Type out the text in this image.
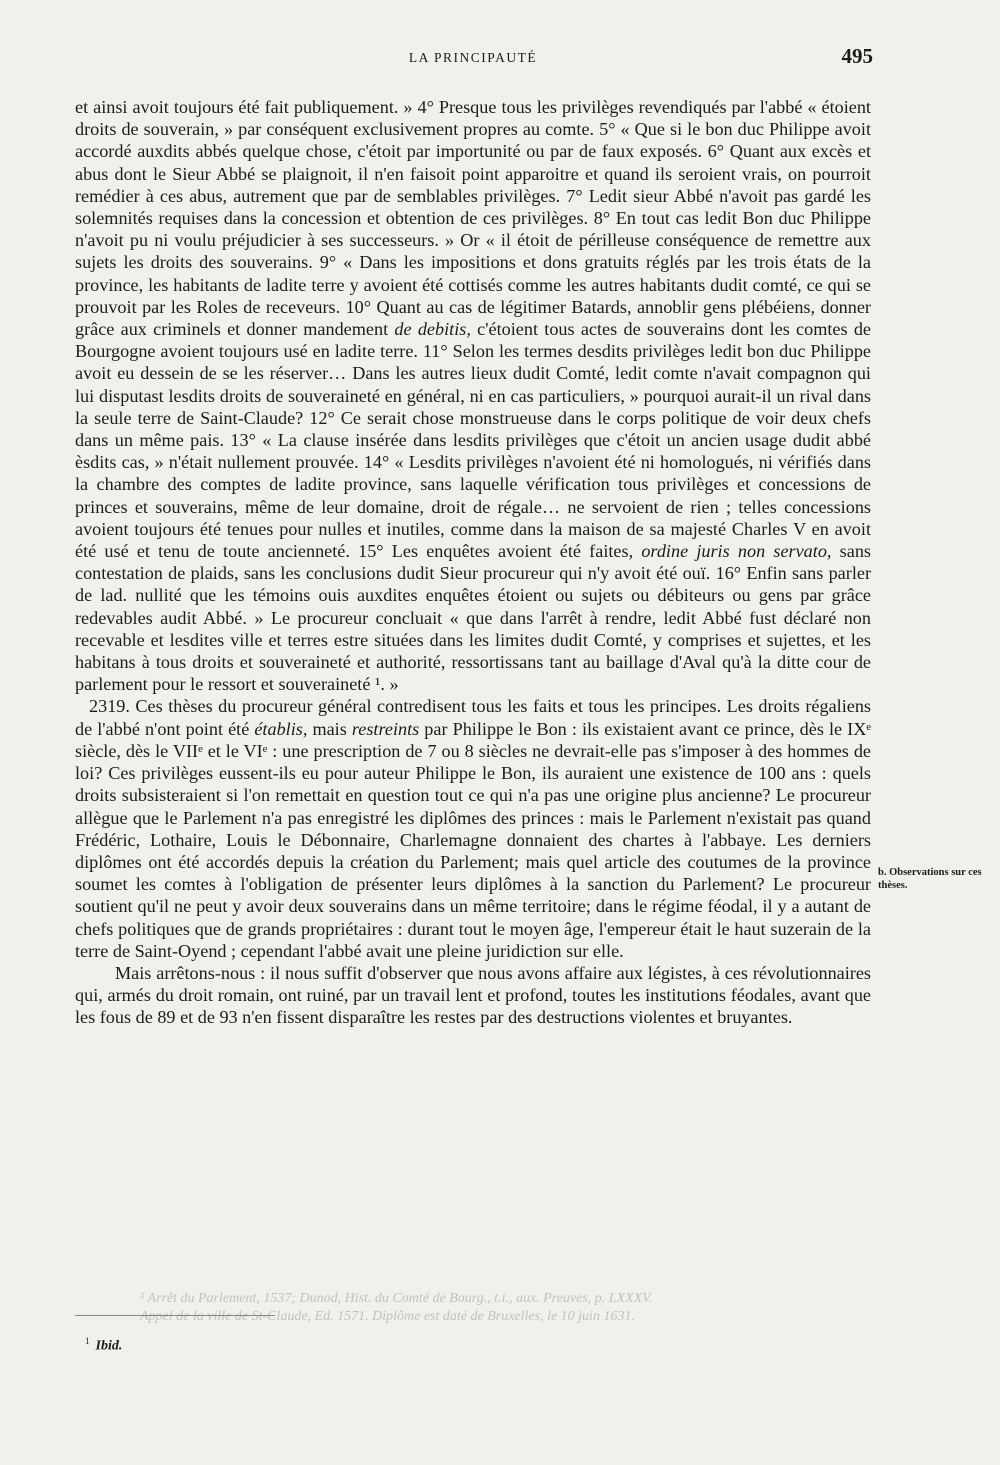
LA PRINCIPAUTÉ	495

et ainsi avoit toujours été fait publiquement. » 4° Presque tous les privilèges revendiqués par l'abbé « étoient droits de souverain, » par conséquent exclusivement propres au comte. 5° « Que si le bon duc Philippe avoit accordé auxdits abbés quelque chose, c'étoit par importunité ou par de faux exposés. 6° Quant aux excès et abus dont le Sieur Abbé se plaignoit, il n'en faisoit point apparoitre et quand ils seroient vrais, on pourroit remédier à ces abus, autrement que par de semblables privilèges. 7° Ledit sieur Abbé n'avoit pas gardé les solemnités requises dans la concession et obtention de ces privilèges. 8° En tout cas ledit Bon duc Philippe n'avoit pu ni voulu préjudicier à ses successeurs. » Or « il étoit de périlleuse conséquence de remettre aux sujets les droits des souverains. 9° « Dans les impositions et dons gratuits réglés par les trois états de la province, les habitants de ladite terre y avoient été cottisés comme les autres habitants dudit comté, ce qui se prouvoit par les Roles de receveurs. 10° Quant au cas de légitimer Batards, annoblir gens plébéiens, donner grâce aux criminels et donner mandement de debitis, c'étoient tous actes de souverains dont les comtes de Bourgogne avoient toujours usé en ladite terre. 11° Selon les termes desdits privilèges ledit bon duc Philippe avoit eu dessein de se les réserver… Dans les autres lieux dudit Comté, ledit comte n'avait compagnon qui lui disputast lesdits droits de souveraineté en général, ni en cas particuliers, » pourquoi aurait-il un rival dans la seule terre de Saint-Claude? 12° Ce serait chose monstrueuse dans le corps politique de voir deux chefs dans un même pais. 13° « La clause insérée dans lesdits privilèges que c'étoit un ancien usage dudit abbé èsdits cas, » n'était nullement prouvée. 14° « Lesdits privilèges n'avoient été ni homologués, ni vérifiés dans la chambre des comptes de ladite province, sans laquelle vérification tous privilèges et concessions de princes et souverains, même de leur domaine, droit de régale… ne servoient de rien ; telles concessions avoient toujours été tenues pour nulles et inutiles, comme dans la maison de sa majesté Charles V en avoit été usé et tenu de toute ancienneté. 15° Les enquêtes avoient été faites, ordine juris non servato, sans contestation de plaids, sans les conclusions dudit Sieur procureur qui n'y avoit été ouï. 16° Enfin sans parler de lad. nullité que les témoins ouis auxdites enquêtes étoient ou sujets ou débiteurs ou gens par grâce redevables audit Abbé. » Le procureur concluait « que dans l'arrêt à rendre, ledit Abbé fust déclaré non recevable et lesdites ville et terres estre situées dans les limites dudit Comté, y comprises et sujettes, et les habitans à tous droits et souveraineté et authorité, ressortissans tant au baillage d'Aval qu'à la ditte cour de parlement pour le ressort et souveraineté ¹. »

2319. Ces thèses du procureur général contredisent tous les faits et tous les principes. Les droits régaliens de l'abbé n'ont point été établis, mais restreints par Philippe le Bon : ils existaient avant ce prince, dès le IXᵉ siècle, dès le VIIᵉ et le VIᵉ : une prescription de 7 ou 8 siècles ne devrait-elle pas s'imposer à des hommes de loi? Ces privilèges eussent-ils eu pour auteur Philippe le Bon, ils auraient une existence de 100 ans : quels droits subsisteraient si l'on remettait en question tout ce qui n'a pas une origine plus ancienne? Le procureur allègue que le Parlement n'a pas enregistré les diplômes des princes : mais le Parlement n'existait pas quand Frédéric, Lothaire, Louis le Débonnaire, Charlemagne donnaient des chartes à l'abbaye. Les derniers diplômes ont été accordés depuis la création du Parlement; mais quel article des coutumes de la province soumet les comtes à l'obligation de présenter leurs diplômes à la sanction du Parlement? Le procureur soutient qu'il ne peut y avoir deux souverains dans un même territoire; dans le régime féodal, il y a autant de chefs politiques que de grands propriétaires : durant tout le moyen âge, l'empereur était le haut suzerain de la terre de Saint-Oyend ; cependant l'abbé avait une pleine juridiction sur elle.

Mais arrêtons-nous : il nous suffit d'observer que nous avons affaire aux légistes, à ces révolutionnaires qui, armés du droit romain, ont ruiné, par un travail lent et profond, toutes les institutions féodales, avant que les fous de 89 et de 93 n'en fissent disparaître les restes par des destructions violentes et bruyantes.

b. Observations sur ces thèses.
¹ Arrêt du Parlement, 1537; Dunod, Hist. du Comté de Bourg., t.i., aux. Preuves, p. LXXXV.
Appel de la ville de St-Claude, Ed. 1571. Diplôme est daté de Bruxelles, le 10 juin 1631.
$^1$ Ibid.
